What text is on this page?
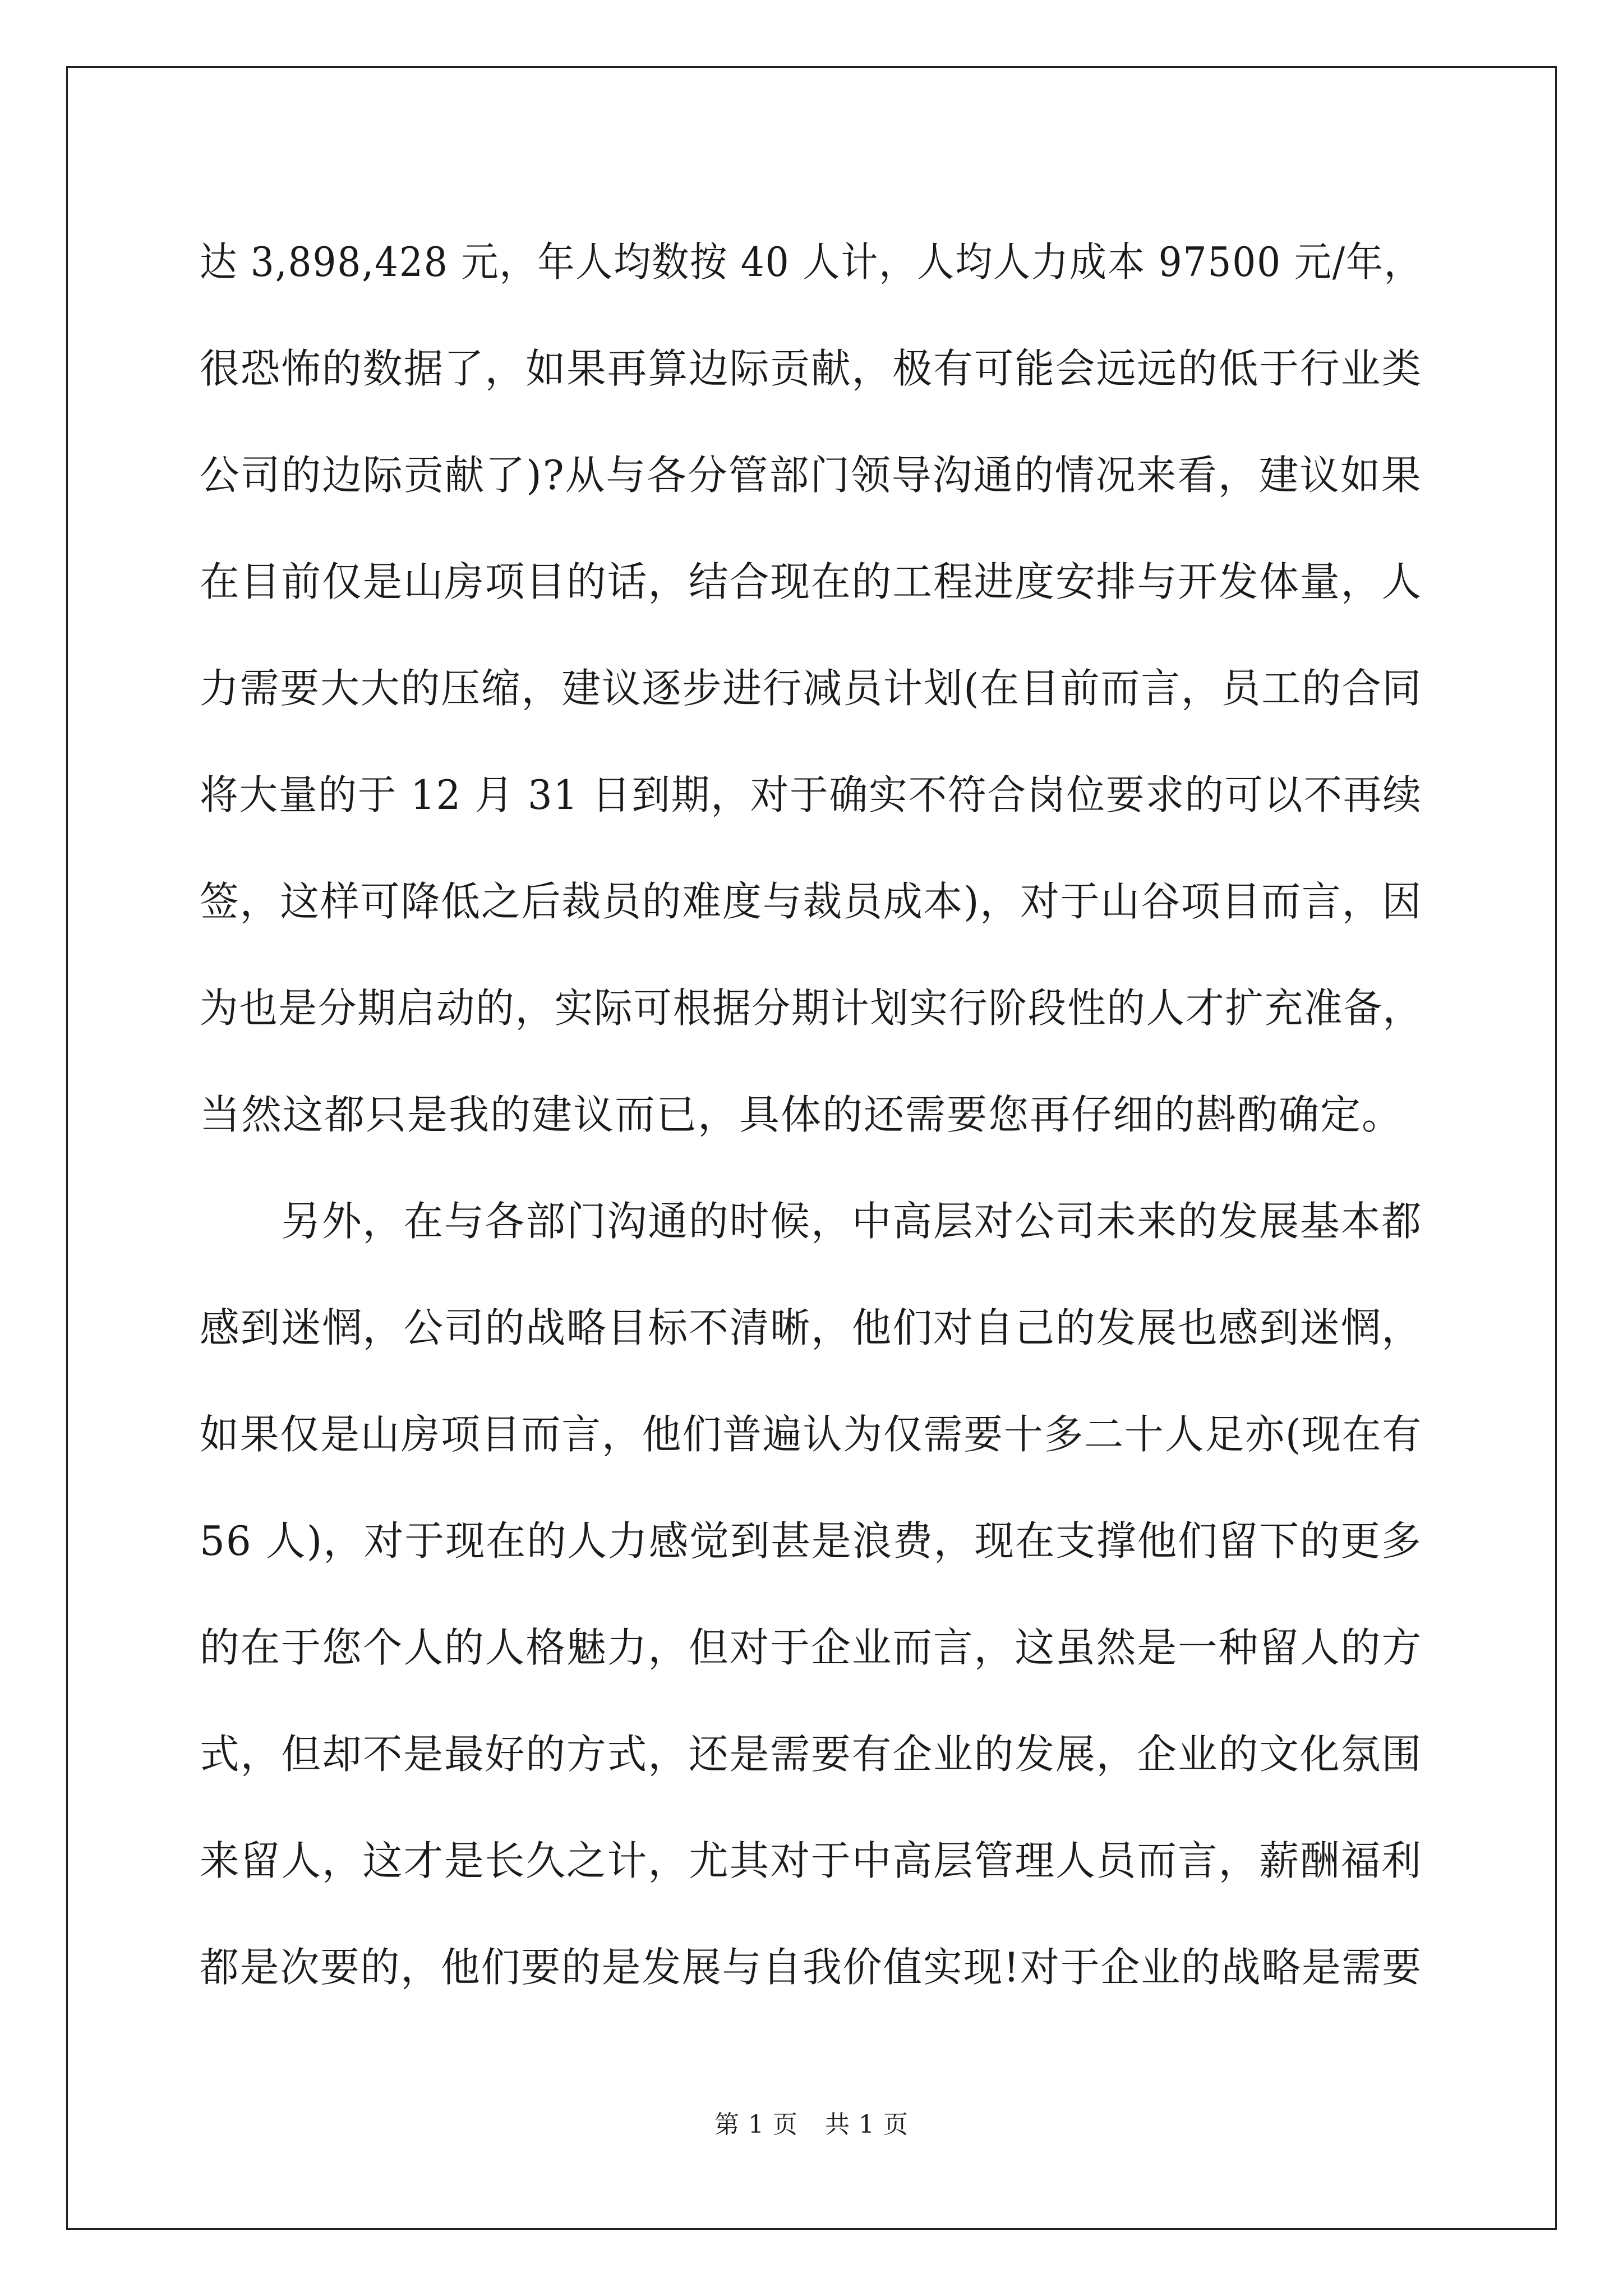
达 3,898,428 元，年人均数按 40 人计，人均人力成本 97500 元/年，
很恐怖的数据了，如果再算边际贡献，极有可能会远远的低于行业类
公司的边际贡献了)?从与各分管部门领导沟通的情况来看，建议如果
在目前仅是山房项目的话，结合现在的工程进度安排与开发体量，人
力需要大大的压缩，建议逐步进行减员计划(在目前而言，员工的合同
将大量的于 12 月 31 日到期，对于确实不符合岗位要求的可以不再续
签，这样可降低之后裁员的难度与裁员成本)，对于山谷项目而言，因
为也是分期启动的，实际可根据分期计划实行阶段性的人才扩充准备，
当然这都只是我的建议而已，具体的还需要您再仔细的斟酌确定。
另外，在与各部门沟通的时候，中高层对公司未来的发展基本都
感到迷惘，公司的战略目标不清晰，他们对自己的发展也感到迷惘，
如果仅是山房项目而言，他们普遍认为仅需要十多二十人足亦(现在有
56 人)，对于现在的人力感觉到甚是浪费，现在支撑他们留下的更多
的在于您个人的人格魅力，但对于企业而言，这虽然是一种留人的方
式，但却不是最好的方式，还是需要有企业的发展，企业的文化氛围
来留人，这才是长久之计，尤其对于中高层管理人员而言，薪酬福利
都是次要的，他们要的是发展与自我价值实现!对于企业的战略是需要
第 1 页 共 1 页
